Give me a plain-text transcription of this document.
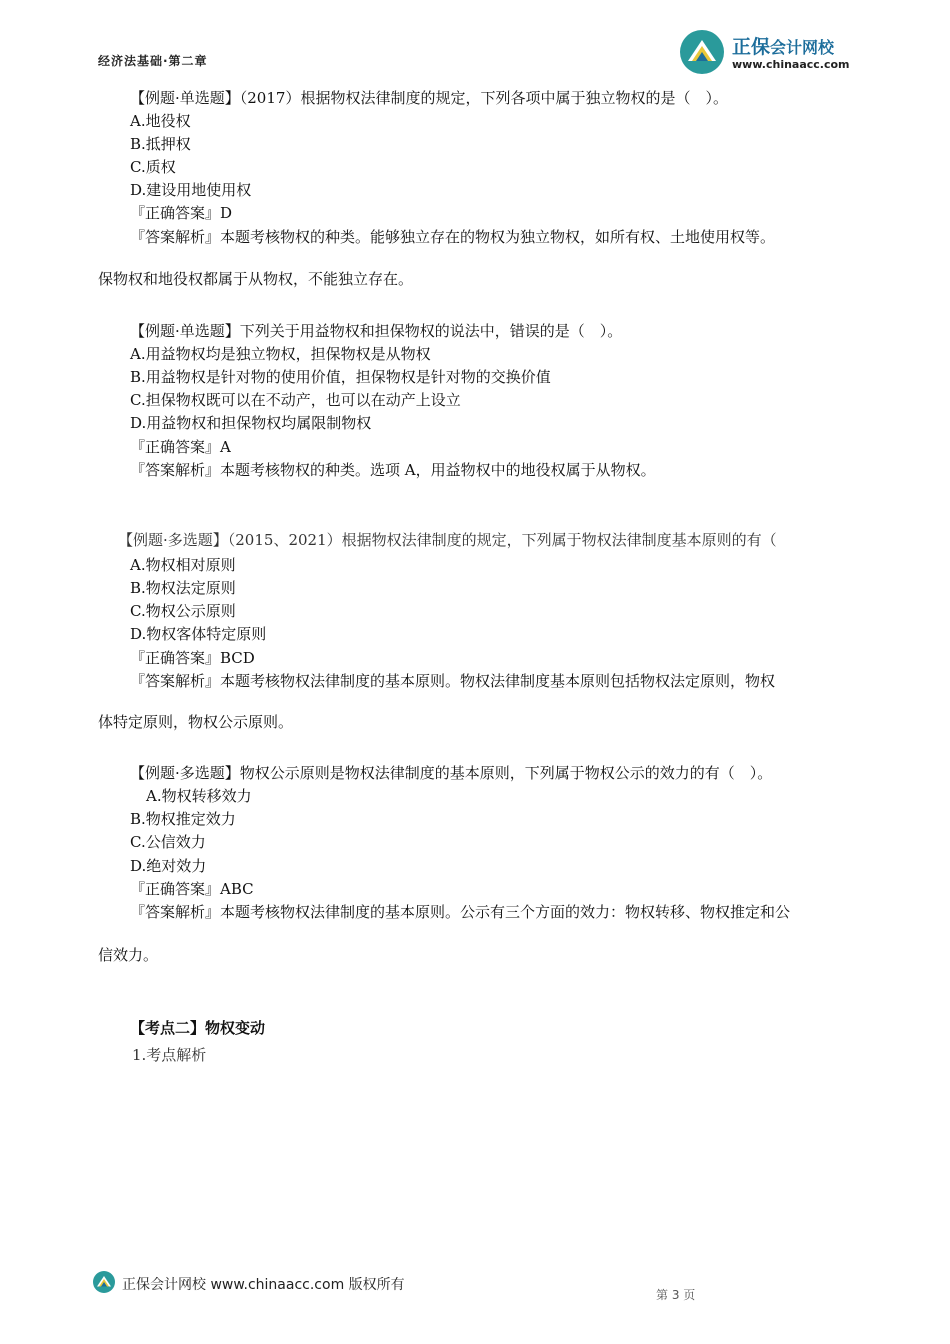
经济法基础·第二章
正保会计网校
www.chinaacc.com
【例题·单选题】（2017）根据物权法律制度的规定，下列各项中属于独立物权的是（　）。
A.地役权
B.抵押权
C.质权
D.建设用地使用权
『正确答案』D
『答案解析』本题考核物权的种类。能够独立存在的物权为独立物权，如所有权、土地使用权等。
保物权和地役权都属于从物权，不能独立存在。
【例题·单选题】下列关于用益物权和担保物权的说法中，错误的是（　）。
A.用益物权均是独立物权，担保物权是从物权
B.用益物权是针对物的使用价值，担保物权是针对物的交换价值
C.担保物权既可以在不动产，也可以在动产上设立
D.用益物权和担保物权均属限制物权
『正确答案』A
『答案解析』本题考核物权的种类。选项 A，用益物权中的地役权属于从物权。
【例题·多选题】（2015、2021）根据物权法律制度的规定，下列属于物权法律制度基本原则的有（
A.物权相对原则
B.物权法定原则
C.物权公示原则
D.物权客体特定原则
『正确答案』BCD
『答案解析』本题考核物权法律制度的基本原则。物权法律制度基本原则包括物权法定原则，物权
体特定原则，物权公示原则。
【例题·多选题】物权公示原则是物权法律制度的基本原则，下列属于物权公示的效力的有（　）。
A.物权转移效力
B.物权推定效力
C.公信效力
D.绝对效力
『正确答案』ABC
『答案解析』本题考核物权法律制度的基本原则。公示有三个方面的效力：物权转移、物权推定和公
信效力。
【考点二】物权变动
1.考点解析
正保会计网校 www.chinaacc.com 版权所有
第 3 页
